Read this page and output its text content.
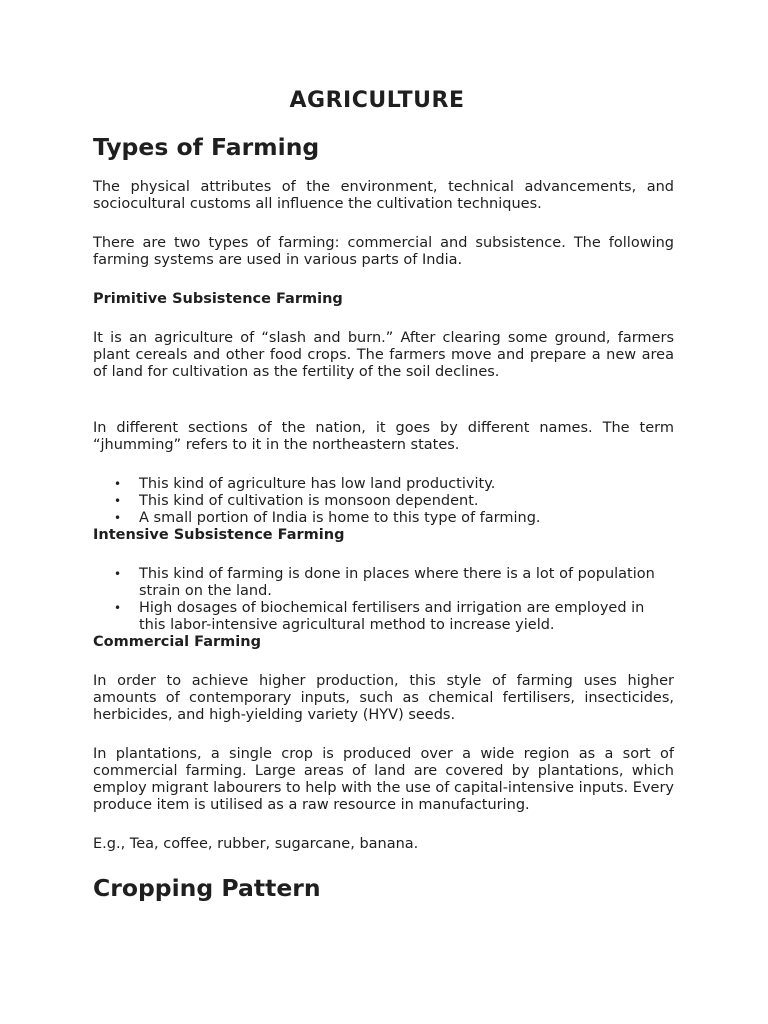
AGRICULTURE
Types of Farming

The physical attributes of the environment, technical advancements, and sociocultural customs all influence the cultivation techniques.

There are two types of farming: commercial and subsistence. The following farming systems are used in various parts of India.

Primitive Subsistence Farming

It is an agriculture of “slash and burn.” After clearing some ground, farmers plant cereals and other food crops. The farmers move and prepare a new area of land for cultivation as the fertility of the soil declines.

In different sections of the nation, it goes by different names. The term “jhumming” refers to it in the northeastern states.

• This kind of agriculture has low land productivity.
• This kind of cultivation is monsoon dependent.
• A small portion of India is home to this type of farming.
Intensive Subsistence Farming
• This kind of farming is done in places where there is a lot of population strain on the land.
• High dosages of biochemical fertilisers and irrigation are employed in this labor-intensive agricultural method to increase yield.
Commercial Farming

In order to achieve higher production, this style of farming uses higher amounts of contemporary inputs, such as chemical fertilisers, insecticides, herbicides, and high-yielding variety (HYV) seeds.

In plantations, a single crop is produced over a wide region as a sort of commercial farming. Large areas of land are covered by plantations, which employ migrant labourers to help with the use of capital-intensive inputs. Every produce item is utilised as a raw resource in manufacturing.

E.g., Tea, coffee, rubber, sugarcane, banana.

Cropping Pattern
